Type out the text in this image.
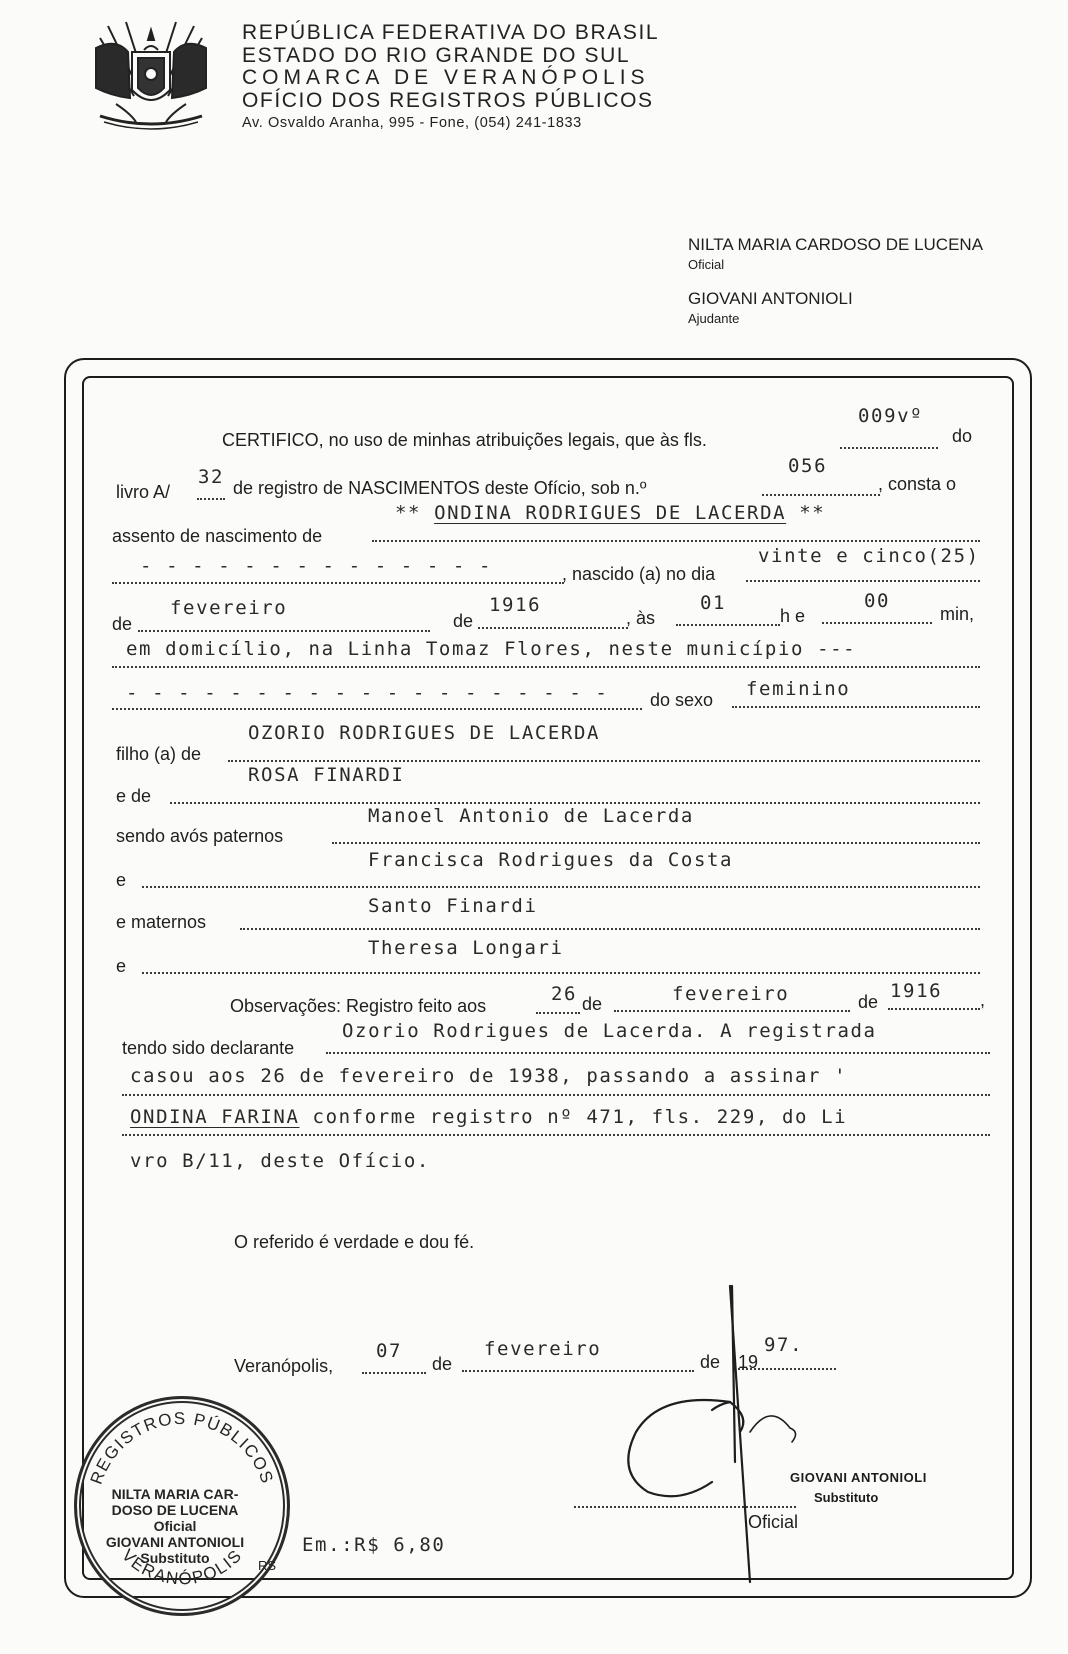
REPÚBLICA FEDERATIVA DO BRASIL
ESTADO DO RIO GRANDE DO SUL
COMARCA DE VERANÓPOLIS
OFÍCIO DOS REGISTROS PÚBLICOS
Av. Osvaldo Aranha, 995 - Fone, (054) 241-1833
NILTA MARIA CARDOSO DE LUCENA
Oficial
GIOVANI ANTONIOLI
Ajudante
009vº
CERTIFICO, no uso de minhas atribuições legais, que às fls.	do
32	056
livro A/	de registro de NASCIMENTOS deste Ofício, sob n.º	, consta o
** ONDINA RODRIGUES DE LACERDA **
assento de nascimento de
- - - - - - - - - - - - - -	vinte e cinco(25)
, nascido (a) no dia
fevereiro	1916	01	00
de	de	, às	h e	min,
em domicílio, na Linha Tomaz Flores, neste município ---
- - - - - - - - - - - - - - - - - - -	feminino
do sexo
OZORIO RODRIGUES DE LACERDA
filho (a) de
ROSA FINARDI
e de
Manoel Antonio de Lacerda
sendo avós paternos
Francisca Rodrigues da Costa
e
Santo Finardi
e maternos
Theresa Longari
e
26	fevereiro	1916
Observações: Registro feito aos	de	de	,
Ozorio Rodrigues de Lacerda. A registrada
tendo sido declarante
casou aos 26 de fevereiro de 1938, passando a assinar '
ONDINA FARINA conforme registro nº 471, fls. 229, do Li
vro B/11, deste Ofício.
O referido é verdade e dou fé.
07	fevereiro	97.
Veranópolis,	de	de 19
GIOVANI ANTONIOLI
Substituto
Oficial
Em.:R$ 6,80
REGISTROS PÚBLICOS
VERANÓPOLIS RS
NILTA MARIA CAR-
DOSO DE LUCENA
Oficial
GIOVANI ANTONIOLI
Substituto
